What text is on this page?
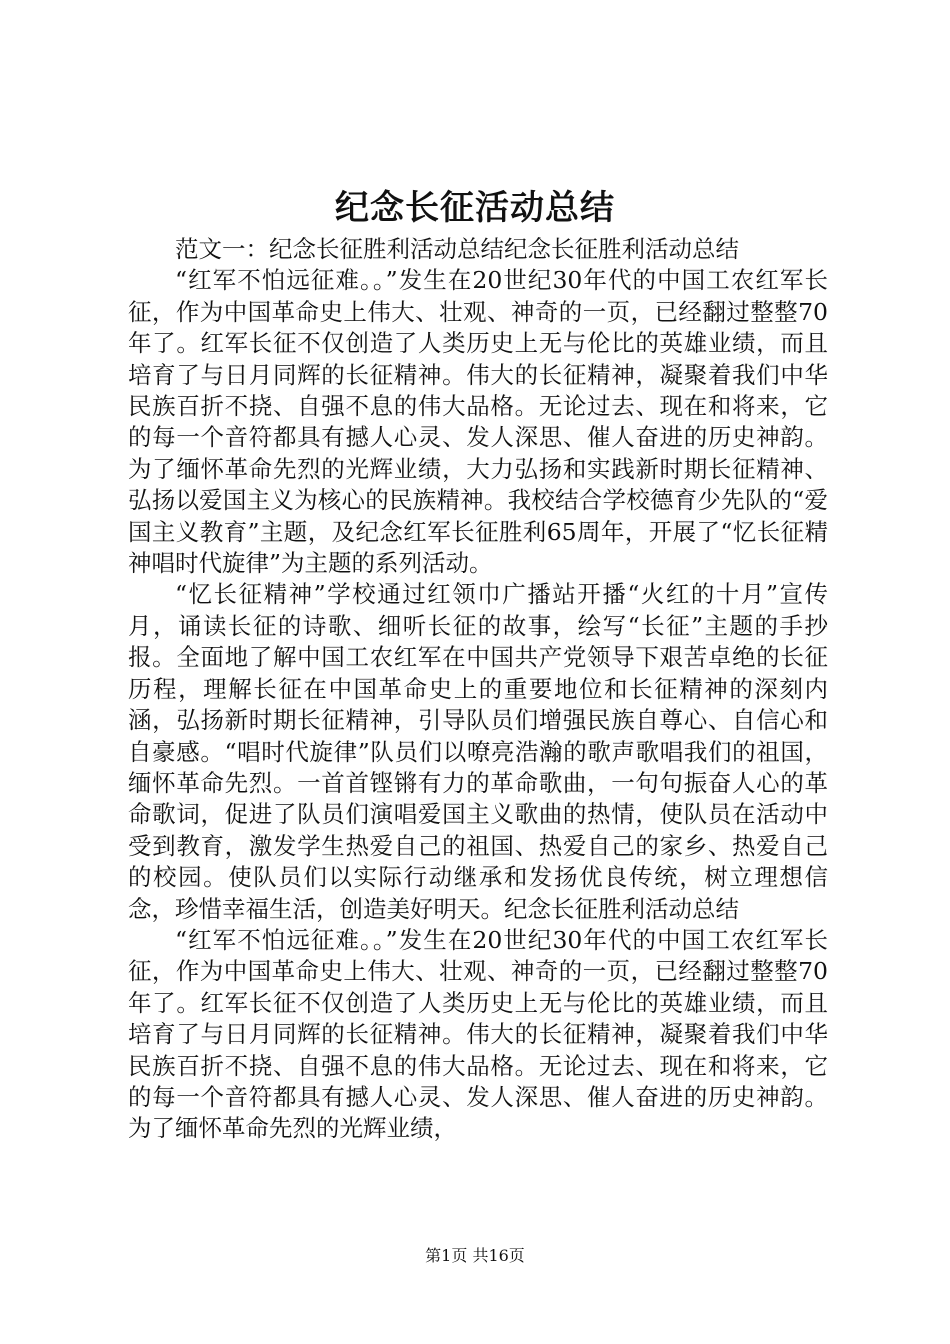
纪念长征活动总结

范文一：纪念长征胜利活动总结纪念长征胜利活动总结

“红军不怕远征难。。”发生在20世纪30年代的中国工农红军长征，作为中国革命史上伟大、壮观、神奇的一页，已经翻过整整70年了。红军长征不仅创造了人类历史上无与伦比的英雄业绩，而且培育了与日月同辉的长征精神。伟大的长征精神，凝聚着我们中华民族百折不挠、自强不息的伟大品格。无论过去、现在和将来，它的每一个音符都具有撼人心灵、发人深思、催人奋进的历史神韵。为了缅怀革命先烈的光辉业绩，大力弘扬和实践新时期长征精神、弘扬以爱国主义为核心的民族精神。我校结合学校德育少先队的“爱国主义教育”主题，及纪念红军长征胜利65周年，开展了“忆长征精神唱时代旋律”为主题的系列活动。

“忆长征精神”学校通过红领巾广播站开播“火红的十月”宣传月，诵读长征的诗歌、细听长征的故事，绘写“长征”主题的手抄报。全面地了解中国工农红军在中国共产党领导下艰苦卓绝的长征历程，理解长征在中国革命史上的重要地位和长征精神的深刻内涵，弘扬新时期长征精神，引导队员们增强民族自尊心、自信心和自豪感。“唱时代旋律”队员们以嘹亮浩瀚的歌声歌唱我们的祖国，缅怀革命先烈。一首首铿锵有力的革命歌曲，一句句振奋人心的革命歌词，促进了队员们演唱爱国主义歌曲的热情，使队员在活动中受到教育，激发学生热爱自己的祖国、热爱自己的家乡、热爱自己的校园。使队员们以实际行动继承和发扬优良传统，树立理想信念，珍惜幸福生活，创造美好明天。纪念长征胜利活动总结

“红军不怕远征难。。”发生在20世纪30年代的中国工农红军长征，作为中国革命史上伟大、壮观、神奇的一页，已经翻过整整70年了。红军长征不仅创造了人类历史上无与伦比的英雄业绩，而且培育了与日月同辉的长征精神。伟大的长征精神，凝聚着我们中华民族百折不挠、自强不息的伟大品格。无论过去、现在和将来，它的每一个音符都具有撼人心灵、发人深思、催人奋进的历史神韵。为了缅怀革命先烈的光辉业绩，

第1页 共16页
